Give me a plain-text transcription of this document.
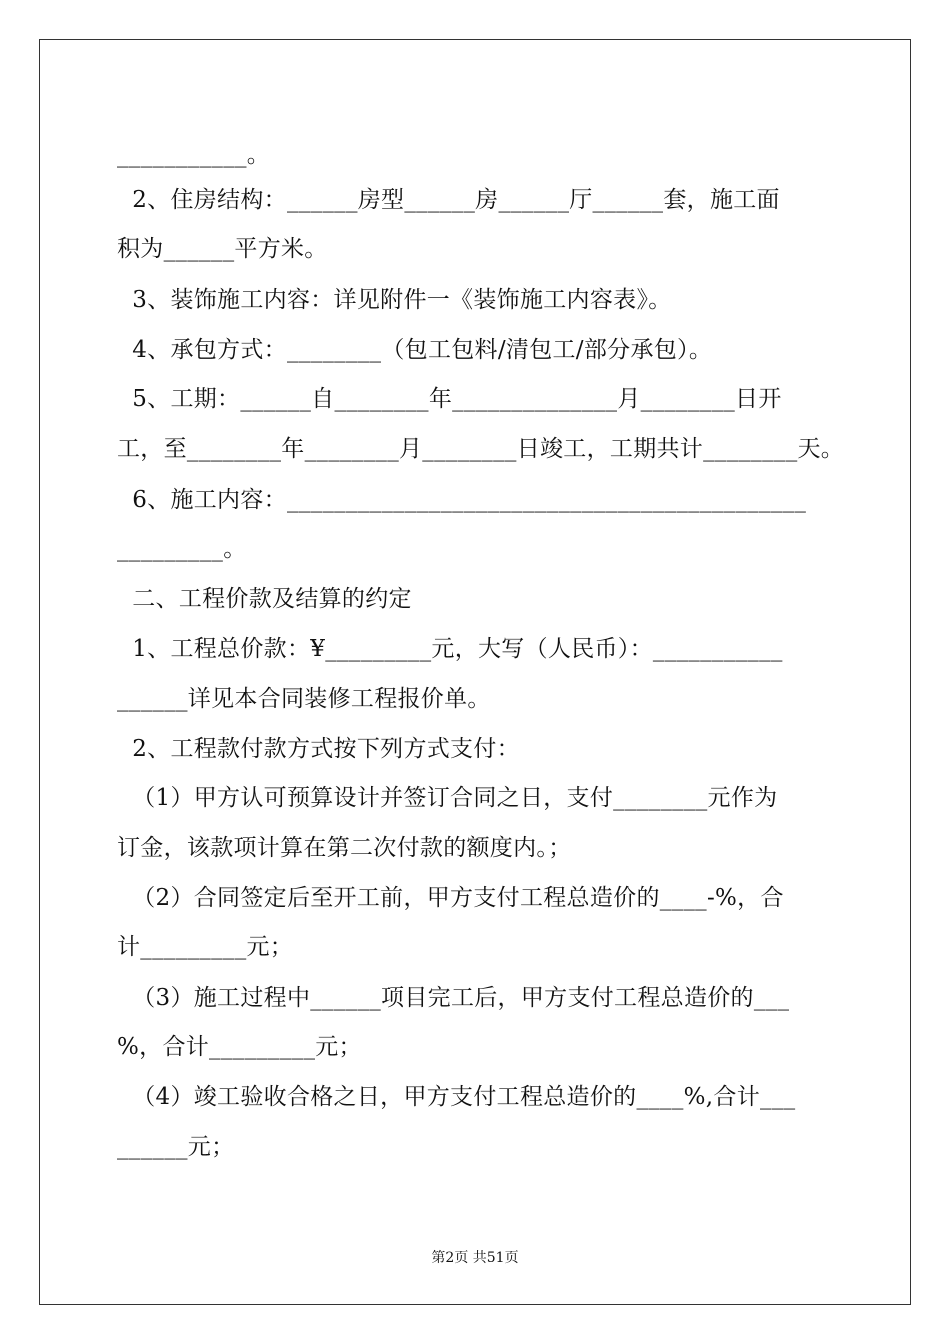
___________。
2、住房结构：______房型______房______厅______套，施工面
积为______平方米。
3、装饰施工内容：详见附件一《装饰施工内容表》。
4、承包方式：________（包工包料/清包工/部分承包）。
5、工期：______自________年______________月________日开
工，至________年________月________日竣工，工期共计________天。
6、施工内容：____________________________________________
_________。
二、工程价款及结算的约定
1、工程总价款：¥_________元，大写（人民币）：___________
______详见本合同装修工程报价单。
2、工程款付款方式按下列方式支付：
（1）甲方认可预算设计并签订合同之日，支付________元作为
订金，该款项计算在第二次付款的额度内。；
（2）合同签定后至开工前，甲方支付工程总造价的____-%，合
计_________元；
（3）施工过程中______项目完工后，甲方支付工程总造价的___
%，合计_________元；
（4）竣工验收合格之日，甲方支付工程总造价的____%,合计___
______元；
第2页 共51页
